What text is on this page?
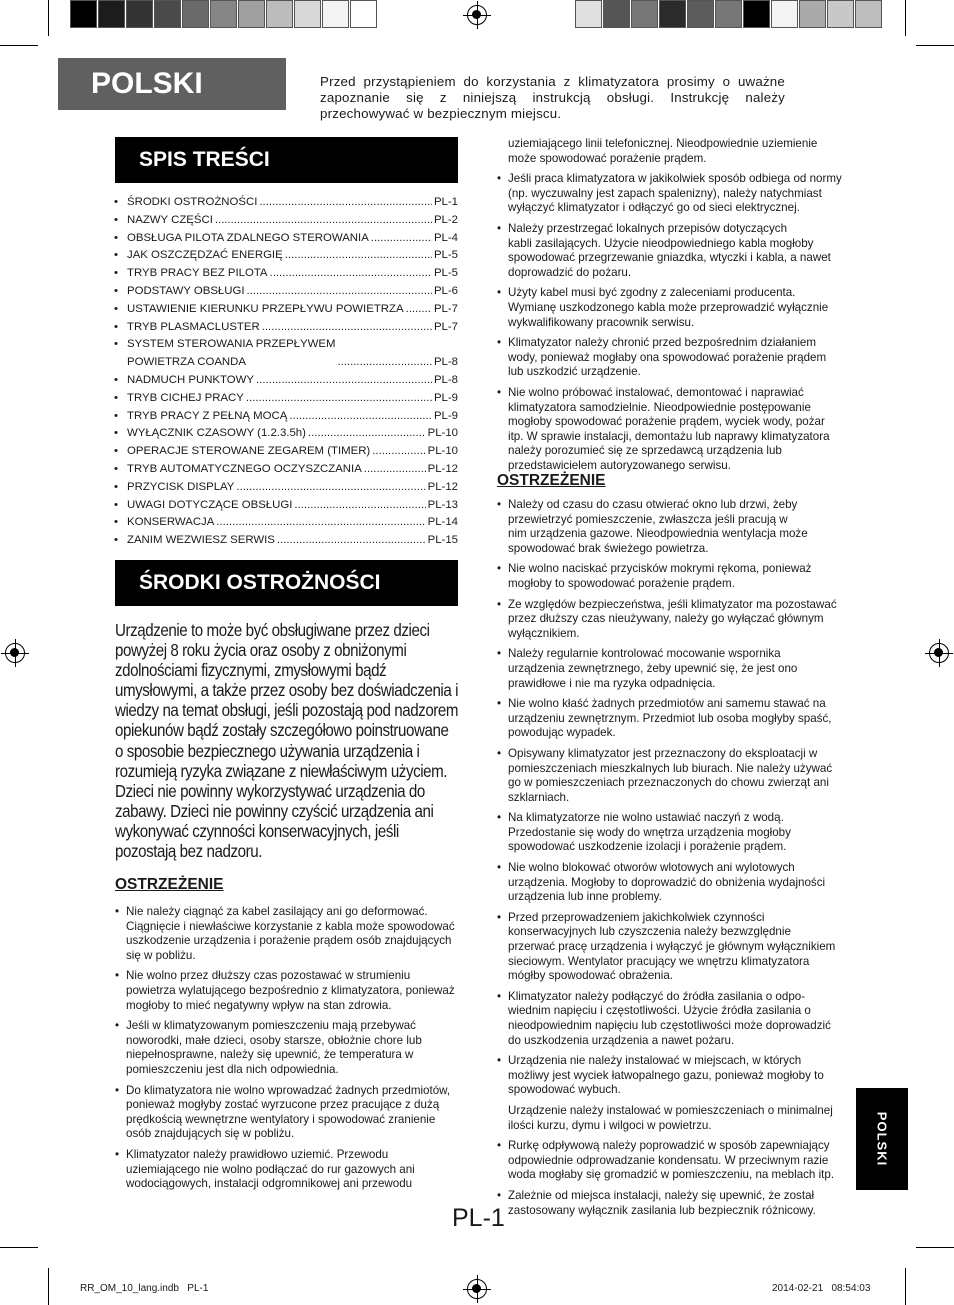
POLSKI	Przed przystąpieniem do korzystania z klimatyzatora prosimy o uważne zapoznanie się z niniejszą instrukcją obsługi. Instrukcję należy przechowywać w bezpiecznym miejscu.
SPIS TREŚCI
• ŚRODKI OSTROŻNOŚCI .....	PL-1
• NAZWY CZĘŚCI .....	PL-2
• OBSŁUGA PILOTA ZDALNEGO STEROWANIA .....	PL-4
• JAK OSZCZĘDZAĆ ENERGIĘ .....	PL-5
• TRYB PRACY BEZ PILOTA .....	PL-5
• PODSTAWY OBSŁUGI .....	PL-6
• USTAWIENIE KIERUNKU PRZEPŁYWU POWIETRZA .....	PL-7
• TRYB PLASMACLUSTER .....	PL-7
• SYSTEM STEROWANIA PRZEPŁYWEM
POWIETRZA COANDA .....	PL-8
• NADMUCH PUNKTOWY .....	PL-8
• TRYB CICHEJ PRACY .....	PL-9
• TRYB PRACY Z PEŁNĄ MOCĄ .....	PL-9
• WYŁĄCZNIK CZASOWY (1.2.3.5h) .....	PL-10
• OPERACJE STEROWANE ZEGAREM (TIMER) .....	PL-10
• TRYB AUTOMATYCZNEGO OCZYSZCZANIA .....	PL-12
• PRZYCISK DISPLAY .....	PL-12
• UWAGI DOTYCZĄCE OBSŁUGI .....	PL-13
• KONSERWACJA .....	PL-14
• ZANIM WEZWIESZ SERWIS .....	PL-15
ŚRODKI OSTROŻNOŚCI
Urządzenie to może być obsługiwane przez dzieci powyżej 8 roku życia oraz osoby z obniżonymi zdolnościami fizycznymi, zmysłowymi bądź umysłowymi, a także przez osoby bez doświadczenia i wiedzy na temat obsługi, jeśli pozostają pod nadzorem opiekunów bądź zostały szczegółowo poinstruowane o sposobie bezpiecznego używania urządzenia i rozumieją ryzyka związane z niewłaściwym użyciem. Dzieci nie powinny wykorzystywać urządzenia do zabawy. Dzieci nie powinny czyścić urządzenia ani wykonywać czynności konserwacyjnych, jeśli pozostają bez nadzoru.
OSTRZEŻENIE
• Nie należy ciągnąć za kabel zasilający ani go deformować.
Ciągnięcie i niewłaściwe korzystanie z kabla może spowodować
uszkodzenie urządzenia i porażenie prądem osób znajdujących
się w pobliżu.
• Nie wolno przez dłuższy czas pozostawać w strumieniu
powietrza wylatującego bezpośrednio z klimatyzatora, ponieważ
mogłoby to mieć negatywny wpływ na stan zdrowia.
• Jeśli w klimatyzowanym pomieszczeniu mają przebywać
noworodki, małe dzieci, osoby starsze, obłożnie chore lub
niepełnosprawne, należy się upewnić, że temperatura w
pomieszczeniu jest dla nich odpowiednia.
• Do klimatyzatora nie wolno wprowadzać żadnych przedmiotów,
ponieważ mogłyby zostać wyrzucone przez pracujące z dużą
prędkością wewnętrzne wentylatory i spowodować zranienie
osób znajdujących się w pobliżu.
• Klimatyzator należy prawidłowo uziemić. Przewodu
uziemiającego nie wolno podłączać do rur gazowych ani
wodociągowych, instalacji odgromnikowej ani przewodu
uziemiającego linii telefonicznej. Nieodpowiednie uziemienie
może spowodować porażenie prądem.
• Jeśli praca klimatyzatora w jakikolwiek sposób odbiega od normy
(np. wyczuwalny jest zapach spalenizny), należy natychmiast
wyłączyć klimatyzator i odłączyć go od sieci elektrycznej.
• Należy przestrzegać lokalnych przepisów dotyczących
kabli zasilających. Użycie nieodpowiedniego kabla mogłoby
spowodować przegrzewanie gniazdka, wtyczki i kabla, a nawet
doprowadzić do pożaru.
• Użyty kabel musi być zgodny z zaleceniami producenta.
Wymianę uszkodzonego kabla może przeprowadzić wyłącznie
wykwalifikowany pracownik serwisu.
• Klimatyzator należy chronić przed bezpośrednim działaniem
wody, ponieważ mogłaby ona spowodować porażenie prądem
lub uszkodzić urządzenie.
• Nie wolno próbować instalować, demontować i naprawiać
klimatyzatora samodzielnie. Nieodpowiednie postępowanie
mogłoby spowodować porażenie prądem, wyciek wody, pożar
itp. W sprawie instalacji, demontażu lub naprawy klimatyzatora
należy porozumieć się ze sprzedawcą urządzenia lub
przedstawicielem autoryzowanego serwisu.
OSTRZEŻENIE
• Należy od czasu do czasu otwierać okno lub drzwi, żeby
przewietrzyć pomieszczenie, zwłaszcza jeśli pracują w
nim urządzenia gazowe. Nieodpowiednia wentylacja może
spowodować brak świeżego powietrza.
• Nie wolno naciskać przycisków mokrymi rękoma, ponieważ
mogłoby to spowodować porażenie prądem.
• Ze względów bezpieczeństwa, jeśli klimatyzator ma pozostawać
przez dłuższy czas nieużywany, należy go wyłączać głównym
wyłącznikiem.
• Należy regularnie kontrolować mocowanie wspornika
urządzenia zewnętrznego, żeby upewnić się, że jest ono
prawidłowe i nie ma ryzyka odpadnięcia.
• Nie wolno kłaść żadnych przedmiotów ani samemu stawać na
urządzeniu zewnętrznym. Przedmiot lub osoba mogłyby spaść,
powodując wypadek.
• Opisywany klimatyzator jest przeznaczony do eksploatacji w
pomieszczeniach mieszkalnych lub biurach. Nie należy używać
go w pomieszczeniach przeznaczonych do chowu zwierząt ani
szklarniach.
• Na klimatyzatorze nie wolno ustawiać naczyń z wodą.
Przedostanie się wody do wnętrza urządzenia mogłoby
spowodować uszkodzenie izolacji i porażenie prądem.
• Nie wolno blokować otworów wlotowych ani wylotowych
urządzenia. Mogłoby to doprowadzić do obniżenia wydajności
urządzenia lub inne problemy.
• Przed przeprowadzeniem jakichkolwiek czynności
konserwacyjnych lub czyszczenia należy bezwzględnie
przerwać pracę urządzenia i wyłączyć je głównym wyłącznikiem
sieciowym. Wentylator pracujący we wnętrzu klimatyzatora
mógłby spowodować obrażenia.
• Klimatyzator należy podłączyć do źródła zasilania o odpo-
wiednim napięciu i częstotliwości. Użycie źródła zasilania o
nieodpowiednim napięciu lub częstotliwości może doprowadzić
do uszkodzenia urządzenia a nawet pożaru.
• Urządzenia nie należy instalować w miejscach, w których
możliwy jest wyciek łatwopalnego gazu, ponieważ mogłoby to
spowodować wybuch.
Urządzenie należy instalować w pomieszczeniach o minimalnej
ilości kurzu, dymu i wilgoci w powietrzu.
• Rurkę odpływową należy poprowadzić w sposób zapewniający
odpowiednie odprowadzanie kondensatu. W przeciwnym razie
woda mogłaby się gromadzić w pomieszczeniu, na meblach itp.
• Zależnie od miejsca instalacji, należy się upewnić, że został
zastosowany wyłącznik zasilania lub bezpiecznik różnicowy.
POLSKI
PL-1
RR_OM_10_lang.indb   PL-1	2014-02-21   08:54:03
